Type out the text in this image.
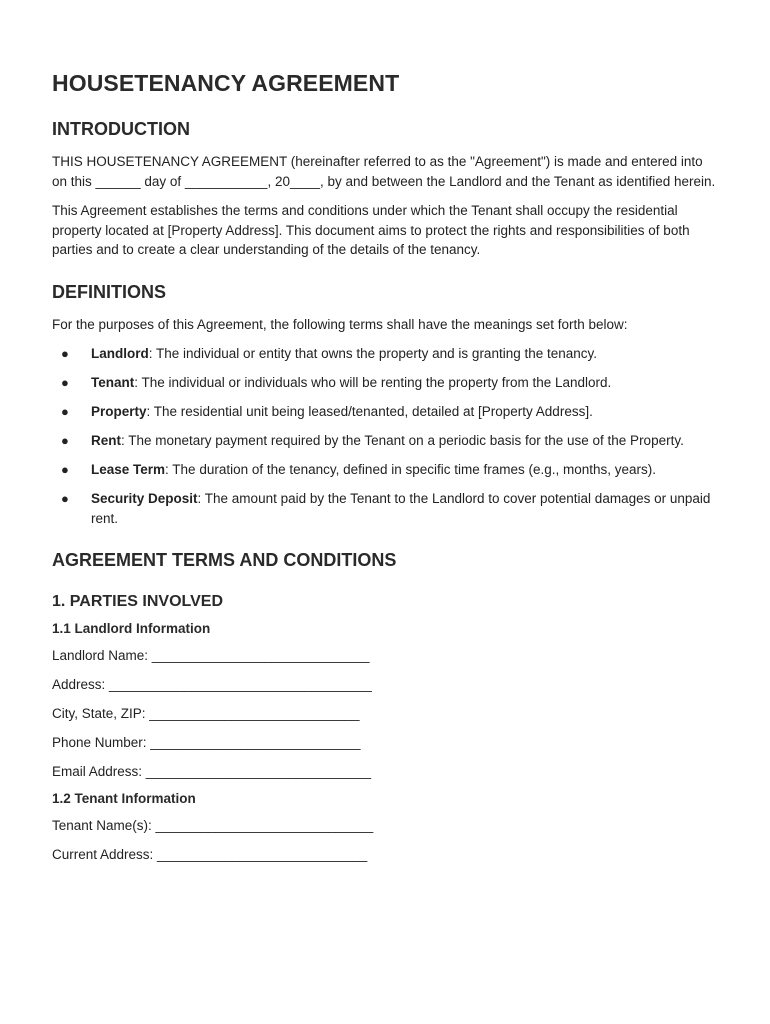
HOUSETENANCY AGREEMENT
INTRODUCTION

THIS HOUSETENANCY AGREEMENT (hereinafter referred to as the "Agreement") is made and entered into on this ______ day of ___________, 20____, by and between the Landlord and the Tenant as identified herein.

This Agreement establishes the terms and conditions under which the Tenant shall occupy the residential property located at [Property Address]. This document aims to protect the rights and responsibilities of both parties and to create a clear understanding of the details of the tenancy.

DEFINITIONS

For the purposes of this Agreement, the following terms shall have the meanings set forth below:

● Landlord: The individual or entity that owns the property and is granting the tenancy.
● Tenant: The individual or individuals who will be renting the property from the Landlord.
● Property: The residential unit being leased/tenanted, detailed at [Property Address].
● Rent: The monetary payment required by the Tenant on a periodic basis for the use of the Property.
● Lease Term: The duration of the tenancy, defined in specific time frames (e.g., months, years).
● Security Deposit: The amount paid by the Tenant to the Landlord to cover potential damages or unpaid rent.
AGREEMENT TERMS AND CONDITIONS
1. PARTIES INVOLVED
1.1 Landlord Information
Landlord Name: _____________________________
Address: ___________________________________
City, State, ZIP: ____________________________
Phone Number: ____________________________
Email Address: ______________________________
1.2 Tenant Information
Tenant Name(s): _____________________________
Current Address: ____________________________
